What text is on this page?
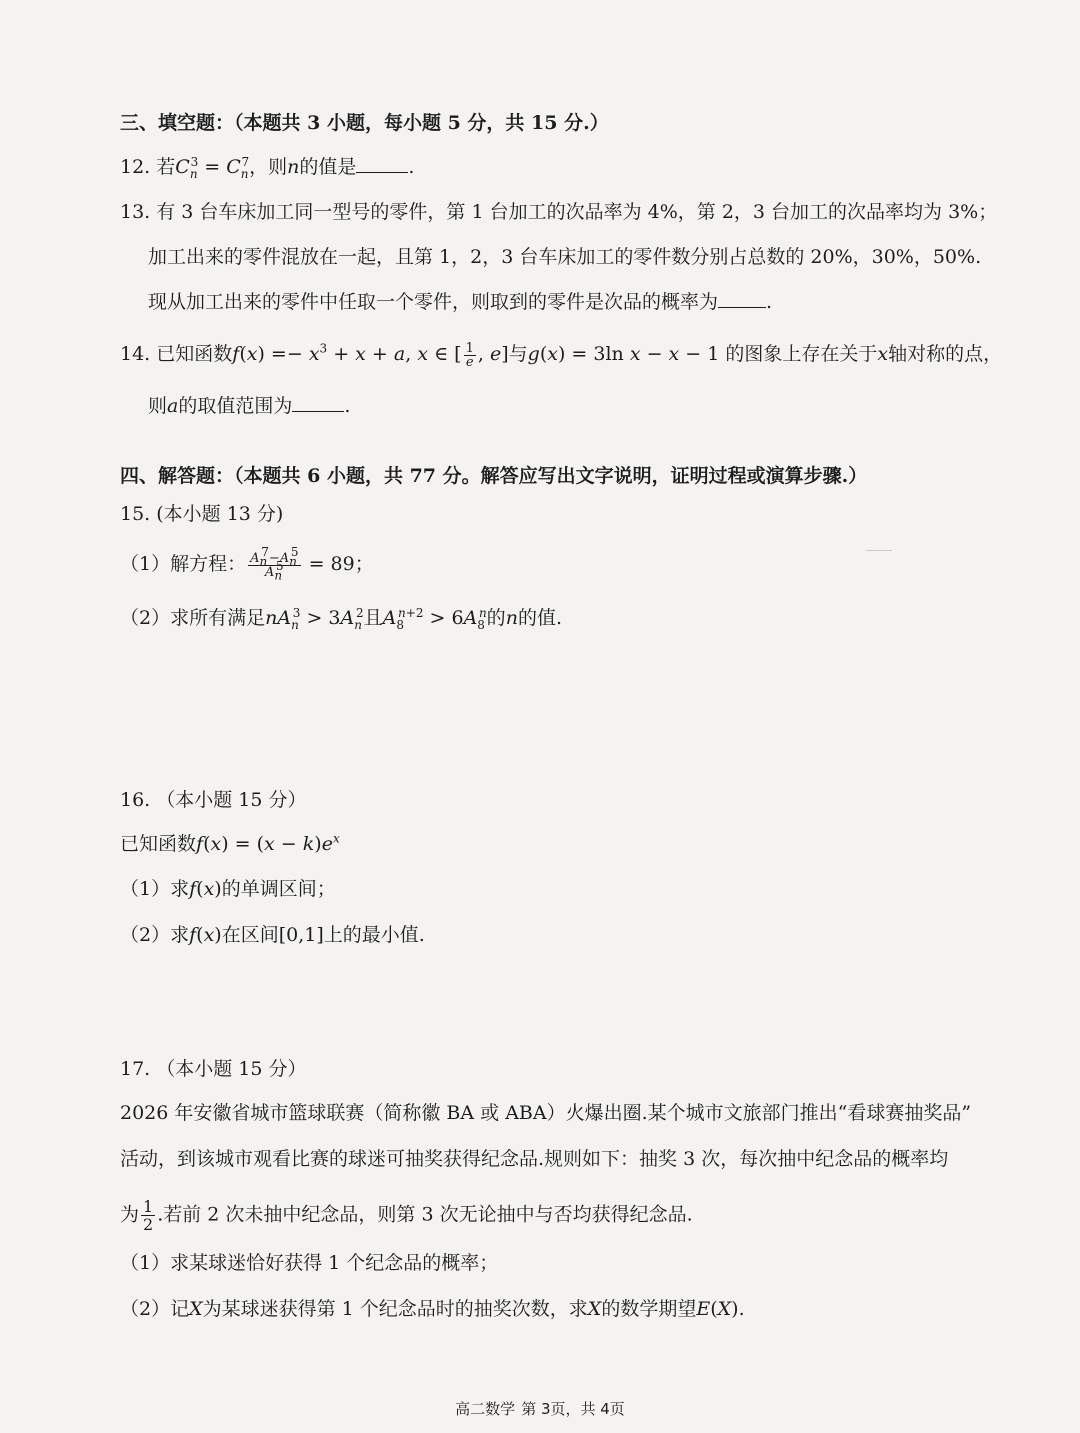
三、填空题：（本题共 3 小题，每小题 5 分，共 15 分.）
12. 若$C_n^3 = C_n^7$，则n的值是	.
13. 有 3 台车床加工同一型号的零件，第 1 台加工的次品率为 4%，第 2，3 台加工的次品率均为 3%；
加工出来的零件混放在一起，且第 1，2，3 台车床加工的零件数分别占总数的 20%，30%，50%.
现从加工出来的零件中任取一个零件，则取到的零件是次品的概率为	.
14. 已知函数$f(x) =- x^3 + x + a$, x ∈ [ $\frac{1}{e}$ , e]与g(x) = 3ln x − x − 1 的图象上存在关于x轴对称的点，
则a的取值范围为	.
四、解答题：（本题共 6 小题，共 77 分。解答应写出文字说明，证明过程或演算步骤.）
15. (本小题 13 分)
（1）解方程： $\frac{A_n^7-A_n^5}{A_n^5} = 89$；
（2）求所有满足$nA_n^3 > 3A_n^2$且$A_8^{n+2} > 6A_8^n$的n的值.
16. （本小题 15 分）
已知函数$f(x) = (x - k)e^x$
（1）求f(x)的单调区间；
（2）求f(x)在区间[0,1]上的最小值.
17. （本小题 15 分）
2026 年安徽省城市篮球联赛（简称徽 BA 或 ABA）火爆出圈.某个城市文旅部门推出“看球赛抽奖品”
活动，到该城市观看比赛的球迷可抽奖获得纪念品.规则如下：抽奖 3 次，每次抽中纪念品的概率均
为 $\frac{1}{2}$ .若前 2 次未抽中纪念品，则第 3 次无论抽中与否均获得纪念品.
（1）求某球迷恰好获得 1 个纪念品的概率；
（2）记X为某球迷获得第 1 个纪念品时的抽奖次数，求X的数学期望E(X).
高二数学 第 3页，共 4页
